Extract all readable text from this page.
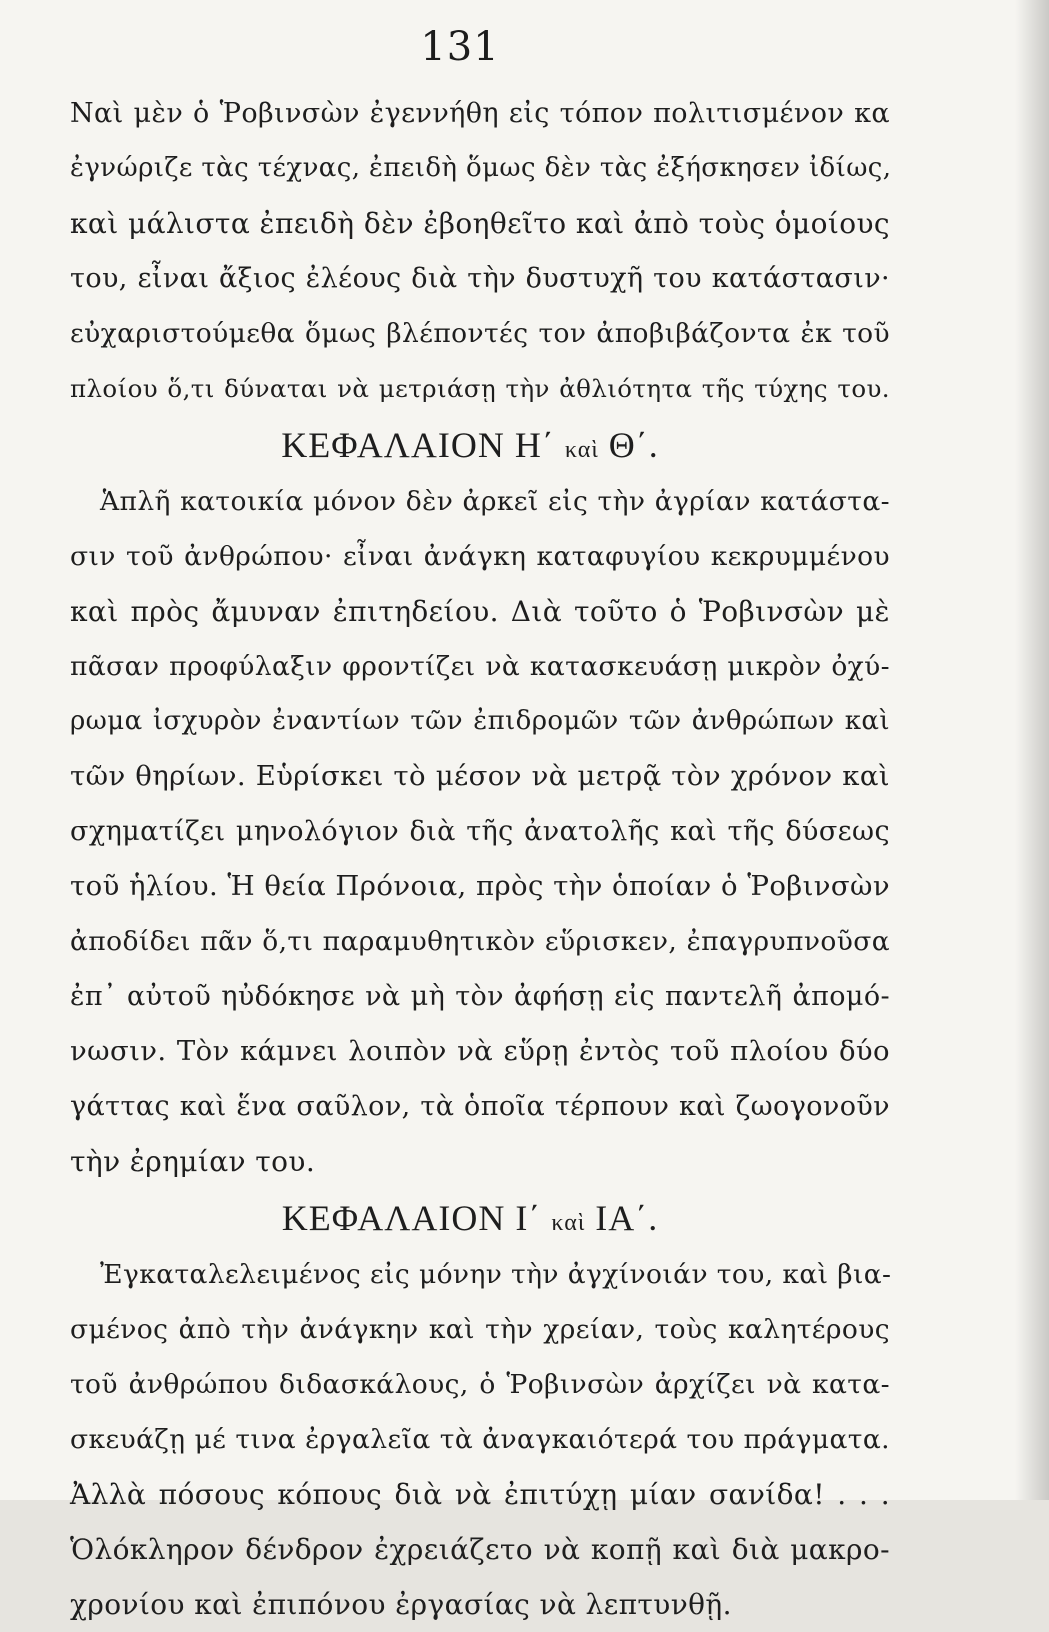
131
Ναὶ μὲν ὁ Ῥοβινσὼν ἐγεννήθη εἰς τόπον πολιτισμένον κα
ἐγνώριζε τὰς τέχνας, ἐπειδὴ ὅμως δὲν τὰς ἐξήσκησεν ἰδίως,
καὶ μάλιστα ἐπειδὴ δὲν ἐβοηθεῖτο καὶ ἀπὸ τοὺς ὁμοίους
του, εἶναι ἄξιος ἐλέους διὰ τὴν δυστυχῆ του κατάστασιν·
εὐχαριστούμεθα ὅμως βλέποντές τον ἀποβιβάζοντα ἐκ τοῦ
πλοίου ὅ,τι δύναται νὰ μετριάσῃ τὴν ἀθλιότητα τῆς τύχης του.
ΚΕΦΑΛΑΙΟΝ Η΄ καὶ Θ΄.
Ἁπλῆ κατοικία μόνον δὲν ἀρκεῖ εἰς τὴν ἀγρίαν κατάστα-
σιν τοῦ ἀνθρώπου· εἶναι ἀνάγκη καταφυγίου κεκρυμμένου
καὶ πρὸς ἄμυναν ἐπιτηδείου. Διὰ τοῦτο ὁ Ῥοβινσὼν μὲ
πᾶσαν προφύλαξιν φροντίζει νὰ κατασκευάσῃ μικρὸν ὀχύ-
ρωμα ἰσχυρὸν ἐναντίων τῶν ἐπιδρομῶν τῶν ἀνθρώπων καὶ
τῶν θηρίων. Εὑρίσκει τὸ μέσον νὰ μετρᾷ τὸν χρόνον καὶ
σχηματίζει μηνολόγιον διὰ τῆς ἀνατολῆς καὶ τῆς δύσεως
τοῦ ἡλίου. Ἡ θεία Πρόνοια, πρὸς τὴν ὁποίαν ὁ Ῥοβινσὼν
ἀποδίδει πᾶν ὅ,τι παραμυθητικὸν εὕρισκεν, ἐπαγρυπνοῦσα
ἐπ᾽ αὐτοῦ ηὐδόκησε νὰ μὴ τὸν ἀφήσῃ εἰς παντελῆ ἀπομό-
νωσιν. Τὸν κάμνει λοιπὸν νὰ εὕρῃ ἐντὸς τοῦ πλοίου δύο
γάττας καὶ ἕνα σαῦλον, τὰ ὁποῖα τέρπουν καὶ ζωογονοῦν
τὴν ἐρημίαν του.
ΚΕΦΑΛΑΙΟΝ Ι΄ καὶ ΙΑ΄.
Ἐγκαταλελειμένος εἰς μόνην τὴν ἀγχίνοιάν του, καὶ βια-
σμένος ἀπὸ τὴν ἀνάγκην καὶ τὴν χρείαν, τοὺς καλητέρους
τοῦ ἀνθρώπου διδασκάλους, ὁ Ῥοβινσὼν ἀρχίζει νὰ κατα-
σκευάζῃ μέ τινα ἐργαλεῖα τὰ ἀναγκαιότερά του πράγματα.
Ἀλλὰ πόσους κόπους διὰ νὰ ἐπιτύχῃ μίαν σανίδα! . . .
Ὁλόκληρον δένδρον ἐχρειάζετο νὰ κοπῇ καὶ διὰ μακρο-
χρονίου καὶ ἐπιπόνου ἐργασίας νὰ λεπτυνθῇ.
